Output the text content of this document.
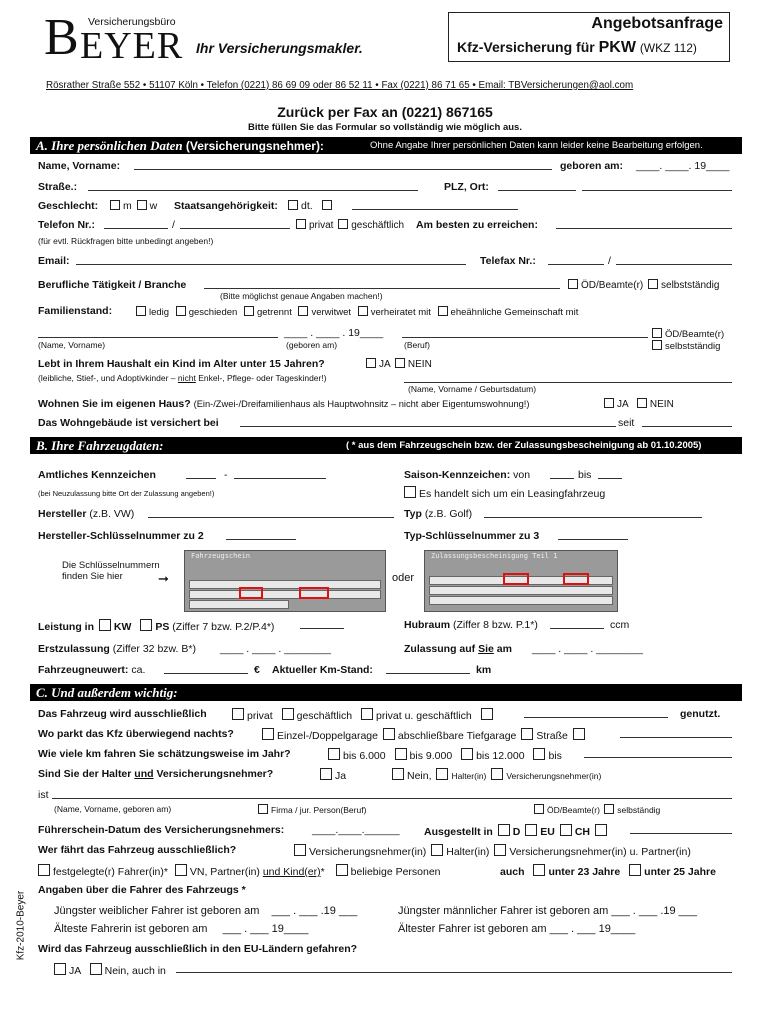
Versicherungsbüro
B EYER Ihr Versicherungsmakler.
Angebotsanfrage
Kfz-Versicherung für PKW (WKZ 112)
Rösrather Straße 552 • 51107 Köln • Telefon (0221) 86 69 09 oder 86 52 11 • Fax (0221) 86 71 65 • Email: TBVersicherungen@aol.com
Zurück per Fax an (0221) 867165
Bitte füllen Sie das Formular so vollständig wie möglich aus.
A. Ihre persönlichen Daten (Versicherungsnehmer):	Ohne Angabe Ihrer persönlichen Daten kann leider keine Bearbeitung erfolgen.
Name, Vorname:	geboren am: ____. ____. 19____
Straße.:	PLZ, Ort:
Geschlecht:	m w Staatsangehörigkeit:	dt.
Telefon Nr.:	/	privat geschäftlich Am besten zu erreichen:
(für evtl. Rückfragen bitte unbedingt angeben!)
Email:	Telefax Nr.:	/
Berufliche Tätigkeit / Branche	ÖD/Beamte(r) selbstständig
(Bitte möglichst genaue Angaben machen!)
Familienstand:	ledig geschieden getrennt verwitwet verheiratet mit eheähnliche Gemeinschaft mit
____ . ____ . 19____	ÖD/Beamte(r)
selbstständig
(Name, Vorname)	(geboren am)	(Beruf)
Lebt in Ihrem Haushalt ein Kind im Alter unter 15 Jahren?	JA NEIN
(leibliche, Stief-, und Adoptivkinder – nicht Enkel-, Pflege- oder Tageskinder!)
(Name, Vorname / Geburtsdatum)
Wohnen Sie im eigenen Haus? (Ein-/Zwei-/Dreifamilienhaus als Hauptwohnsitz – nicht aber Eigentumswohnung!)	JA NEIN
Das Wohngebäude ist versichert bei	seit
B. Ihre Fahrzeugdaten:	( * aus dem Fahrzeugschein bzw. der Zulassungsbescheinigung ab 01.10.2005)
Amtliches Kennzeichen	-	Saison-Kennzeichen: von	bis
(bei Neuzulassung bitte Ort der Zulassung angeben!)	Es handelt sich um ein Leasingfahrzeug
Hersteller (z.B. VW)	Typ (z.B. Golf)
Hersteller-Schlüsselnummer zu 2	Typ-Schlüsselnummer zu 3
Die Schlüsselnummern
finden Sie hier	➞
Fahrzeugschein
oder
Zulassungsbescheinigung Teil 1
Leistung in KW PS (Ziffer 7 bzw. P.2/P.4*)	Hubraum (Ziffer 8 bzw. P.1*)	ccm
Erstzulassung (Ziffer 32 bzw. B*) ____ . ____ . ________	Zulassung auf Sie am ____ . ____ . ________
Fahrzeugneuwert: ca.	€ Aktueller Km-Stand:	km
C. Und außerdem wichtig:
Das Fahrzeug wird ausschließlich	privat geschäftlich privat u. geschäftlich	genutzt.
Wo parkt das Kfz überwiegend nachts?	Einzel-/Doppelgarage abschließbare Tiefgarage Straße
Wie viele km fahren Sie schätzungsweise im Jahr?	bis 6.000 bis 9.000 bis 12.000 bis
Sind Sie der Halter und Versicherungsnehmer?	Ja	Nein, Halter(in) Versicherungsnehmer(in)
ist
(Name, Vorname, geboren am)	Firma / jur. Person(Beruf)	ÖD/Beamte(r) selbständig
Führerschein-Datum des Versicherungsnehmers:	____.____.______ Ausgestellt in D EU CH
Wer fährt das Fahrzeug ausschließlich?	Versicherungsnehmer(in) Halter(in) Versicherungsnehmer(in) u. Partner(in)
festgelegte(r) Fahrer(in)* VN, Partner(in) und Kind(er)* beliebige Personen	auch unter 23 Jahre unter 25 Jahre
Angaben über die Fahrer des Fahrzeugs *
Jüngster weiblicher Fahrer ist geboren am ___ . ___ .19 ___	Jüngster männlicher Fahrer ist geboren am ___ . ___ .19 ___
Älteste Fahrerin ist geboren am ___ . ___ 19____	Ältester Fahrer ist geboren am ___ . ___ 19____
Wird das Fahrzeug ausschließlich in den EU-Ländern gefahren?
JA Nein, auch in
Kfz-2010-Beyer
